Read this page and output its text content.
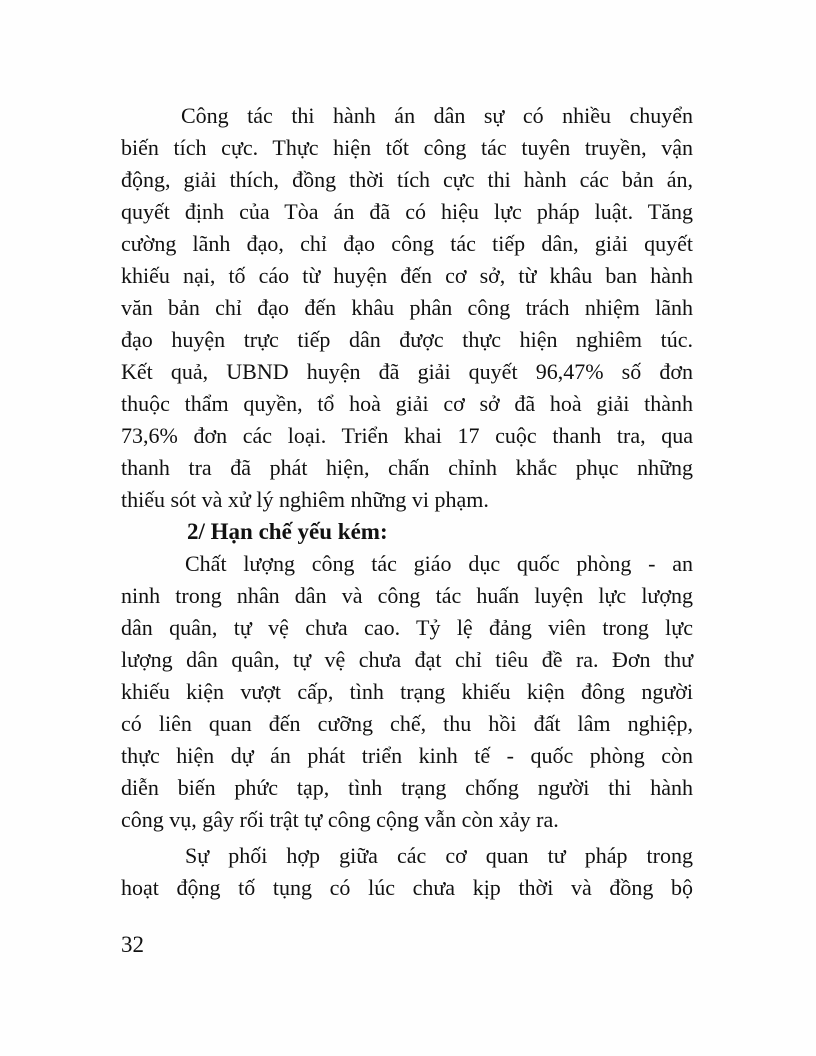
Công tác thi hành án dân sự có nhiều chuyển
biến tích cực. Thực hiện tốt công tác tuyên truyền, vận
động, giải thích, đồng thời tích cực thi hành các bản án,
quyết định của Tòa án đã có hiệu lực pháp luật. Tăng
cường lãnh đạo, chỉ đạo công tác tiếp dân, giải quyết
khiếu nại, tố cáo từ huyện đến cơ sở, từ khâu ban hành
văn bản chỉ đạo đến khâu phân công trách nhiệm lãnh
đạo huyện trực tiếp dân được thực hiện nghiêm túc.
Kết quả, UBND huyện đã giải quyết 96,47% số đơn
thuộc thẩm quyền, tổ hoà giải cơ sở đã hoà giải thành
73,6% đơn các loại. Triển khai 17 cuộc thanh tra, qua
thanh tra đã phát hiện, chấn chỉnh khắc phục những
thiếu sót và xử lý nghiêm những vi phạm.
2/ Hạn chế yếu kém:
Chất lượng công tác giáo dục quốc phòng - an
ninh trong nhân dân và công tác huấn luyện lực lượng
dân quân, tự vệ chưa cao. Tỷ lệ đảng viên trong lực
lượng dân quân, tự vệ chưa đạt chỉ tiêu đề ra. Đơn thư
khiếu kiện vượt cấp, tình trạng khiếu kiện đông người
có liên quan đến cưỡng chế, thu hồi đất lâm nghiệp,
thực hiện dự án phát triển kinh tế - quốc phòng còn
diễn biến phức tạp, tình trạng chống người thi hành
công vụ, gây rối trật tự công cộng vẫn còn xảy ra.
Sự phối hợp giữa các cơ quan tư pháp trong
hoạt động tố tụng có lúc chưa kịp thời và đồng bộ
32
